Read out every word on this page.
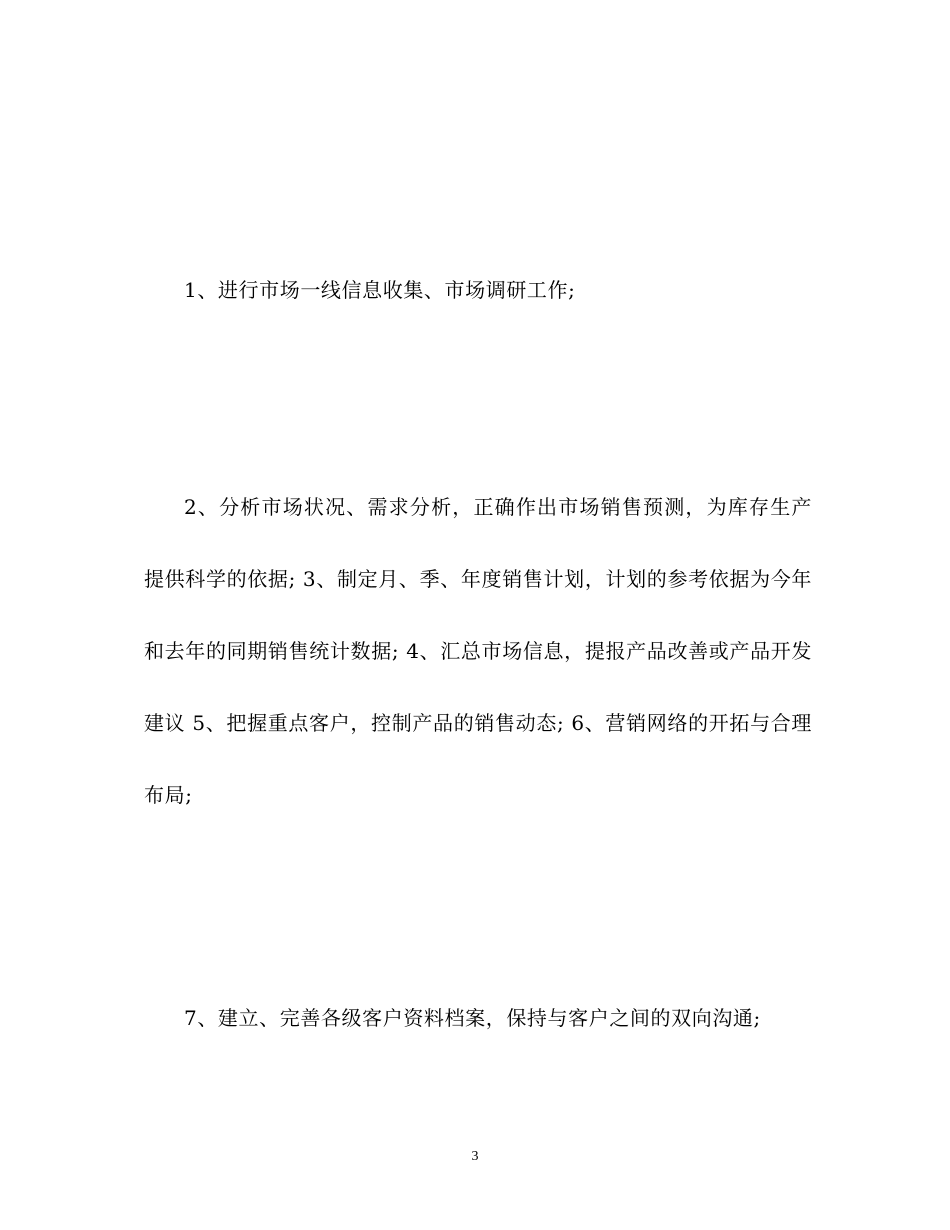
1、进行市场一线信息收集、市场调研工作;

2、分析市场状况、需求分析，正确作出市场销售预测，为库存生产提供科学的依据; 3、制定月、季、年度销售计划，计划的参考依据为今年和去年的同期销售统计数据; 4、汇总市场信息，提报产品改善或产品开发建议 5、把握重点客户，控制产品的销售动态; 6、营销网络的开拓与合理布局;

7、建立、完善各级客户资料档案，保持与客户之间的双向沟通;

3
